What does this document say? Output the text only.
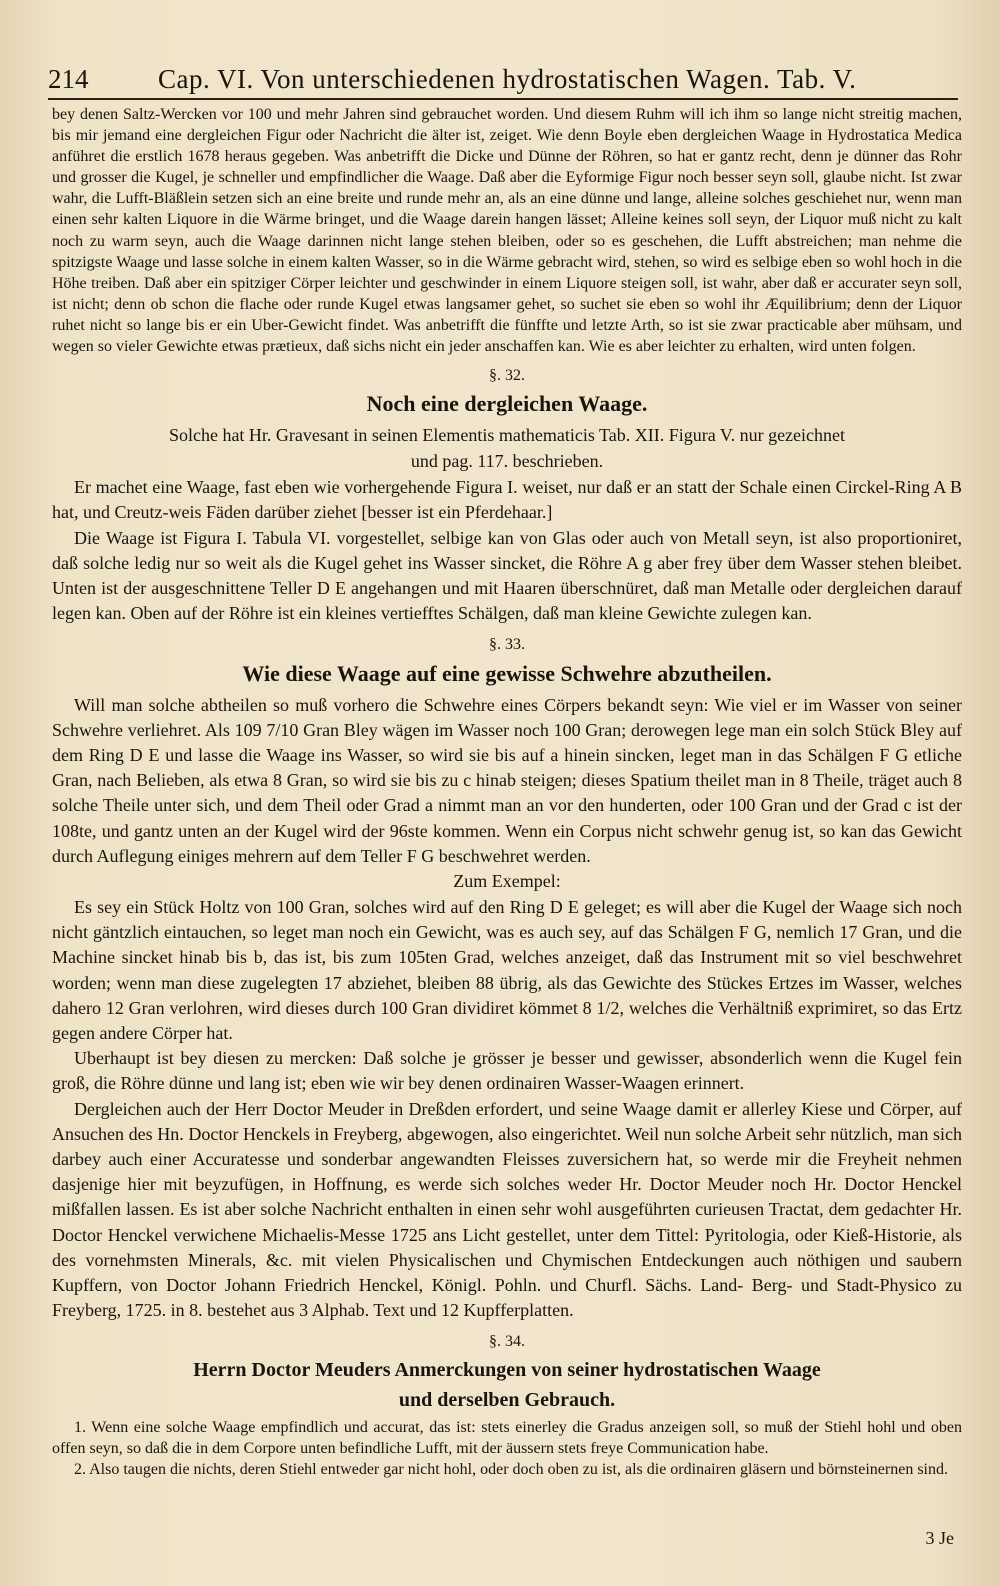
214	Cap. VI. Von unterschiedenen hydrostatischen Wagen. Tab. V.

bey denen Saltz-Wercken vor 100 und mehr Jahren sind gebrauchet worden. Und diesem Ruhm will ich ihm so lange nicht streitig machen, bis mir jemand eine dergleichen Figur oder Nachricht die älter ist, zeiget. Wie denn Boyle eben dergleichen Waage in Hydrostatica Medica anführet die erstlich 1678 heraus gegeben. Was anbetrifft die Dicke und Dünne der Röhren, so hat er gantz recht, denn je dünner das Rohr und grosser die Kugel, je schneller und empfindlicher die Waage. Daß aber die Eyformige Figur noch besser seyn soll, glaube nicht. Ist zwar wahr, die Lufft-Bläßlein setzen sich an eine breite und runde mehr an, als an eine dünne und lange, alleine solches geschiehet nur, wenn man einen sehr kalten Liquore in die Wärme bringet, und die Waage darein hangen lässet; Alleine keines soll seyn, der Liquor muß nicht zu kalt noch zu warm seyn, auch die Waage darinnen nicht lange stehen bleiben, oder so es geschehen, die Lufft abstreichen; man nehme die spitzigste Waage und lasse solche in einem kalten Wasser, so in die Wärme gebracht wird, stehen, so wird es selbige eben so wohl hoch in die Höhe treiben. Daß aber ein spitziger Cörper leichter und geschwinder in einem Liquore steigen soll, ist wahr, aber daß er accurater seyn soll, ist nicht; denn ob schon die flache oder runde Kugel etwas langsamer gehet, so suchet sie eben so wohl ihr Æquilibrium; denn der Liquor ruhet nicht so lange bis er ein Uber-Gewicht findet. Was anbetrifft die fünffte und letzte Arth, so ist sie zwar practicable aber mühsam, und wegen so vieler Gewichte etwas prætieux, daß sichs nicht ein jeder anschaffen kan. Wie es aber leichter zu erhalten, wird unten folgen.

§. 32.
Noch eine dergleichen Waage.
Solche hat Hr. Gravesant in seinen Elementis mathematicis Tab. XII. Figura V. nur gezeichnet
und pag. 117. beschrieben.

Er machet eine Waage, fast eben wie vorhergehende Figura I. weiset, nur daß er an statt der Schale einen Circkel-Ring A B hat, und Creutz-weis Fäden darüber ziehet [besser ist ein Pferdehaar.]

Die Waage ist Figura I. Tabula VI. vorgestellet, selbige kan von Glas oder auch von Metall seyn, ist also proportioniret, daß solche ledig nur so weit als die Kugel gehet ins Wasser sincket, die Röhre A g aber frey über dem Wasser stehen bleibet. Unten ist der ausgeschnittene Teller D E angehangen und mit Haaren überschnüret, daß man Metalle oder dergleichen darauf legen kan. Oben auf der Röhre ist ein kleines vertiefftes Schälgen, daß man kleine Gewichte zulegen kan.

§. 33.
Wie diese Waage auf eine gewisse Schwehre abzutheilen.

Will man solche abtheilen so muß vorhero die Schwehre eines Cörpers bekandt seyn: Wie viel er im Wasser von seiner Schwehre verliehret. Als 109 7/10 Gran Bley wägen im Wasser noch 100 Gran; derowegen lege man ein solch Stück Bley auf dem Ring D E und lasse die Waage ins Wasser, so wird sie bis auf a hinein sincken, leget man in das Schälgen F G etliche Gran, nach Belieben, als etwa 8 Gran, so wird sie bis zu c hinab steigen; dieses Spatium theilet man in 8 Theile, träget auch 8 solche Theile unter sich, und dem Theil oder Grad a nimmt man an vor den hunderten, oder 100 Gran und der Grad c ist der 108te, und gantz unten an der Kugel wird der 96ste kommen. Wenn ein Corpus nicht schwehr genug ist, so kan das Gewicht durch Auflegung einiges mehrern auf dem Teller F G beschwehret werden.

Zum Exempel:

Es sey ein Stück Holtz von 100 Gran, solches wird auf den Ring D E geleget; es will aber die Kugel der Waage sich noch nicht gäntzlich eintauchen, so leget man noch ein Gewicht, was es auch sey, auf das Schälgen F G, nemlich 17 Gran, und die Machine sincket hinab bis b, das ist, bis zum 105ten Grad, welches anzeiget, daß das Instrument mit so viel beschwehret worden; wenn man diese zugelegten 17 abziehet, bleiben 88 übrig, als das Gewichte des Stückes Ertzes im Wasser, welches dahero 12 Gran verlohren, wird dieses durch 100 Gran dividiret kömmet 8 1/2, welches die Verhältniß exprimiret, so das Ertz gegen andere Cörper hat.

Uberhaupt ist bey diesen zu mercken: Daß solche je grösser je besser und gewisser, absonderlich wenn die Kugel fein groß, die Röhre dünne und lang ist; eben wie wir bey denen ordinairen Wasser-Waagen erinnert.

Dergleichen auch der Herr Doctor Meuder in Dreßden erfordert, und seine Waage damit er allerley Kiese und Cörper, auf Ansuchen des Hn. Doctor Henckels in Freyberg, abgewogen, also eingerichtet. Weil nun solche Arbeit sehr nützlich, man sich darbey auch einer Accuratesse und sonderbar angewandten Fleisses zuversichern hat, so werde mir die Freyheit nehmen dasjenige hier mit beyzufügen, in Hoffnung, es werde sich solches weder Hr. Doctor Meuder noch Hr. Doctor Henckel mißfallen lassen. Es ist aber solche Nachricht enthalten in einen sehr wohl ausgeführten curieusen Tractat, dem gedachter Hr. Doctor Henckel verwichene Michaelis-Messe 1725 ans Licht gestellet, unter dem Tittel: Pyritologia, oder Kieß-Historie, als des vornehmsten Minerals, &c. mit vielen Physicalischen und Chymischen Entdeckungen auch nöthigen und saubern Kupffern, von Doctor Johann Friedrich Henckel, Königl. Pohln. und Churfl. Sächs. Land- Berg- und Stadt-Physico zu Freyberg, 1725. in 8. bestehet aus 3 Alphab. Text und 12 Kupfferplatten.

§. 34.
Herrn Doctor Meuders Anmerckungen von seiner hydrostatischen Waage
und derselben Gebrauch.

1. Wenn eine solche Waage empfindlich und accurat, das ist: stets einerley die Gradus anzeigen soll, so muß der Stiehl hohl und oben offen seyn, so daß die in dem Corpore unten befindliche Lufft, mit der äussern stets freye Communication habe.

2. Also taugen die nichts, deren Stiehl entweder gar nicht hohl, oder doch oben zu ist, als die ordinairen gläsern und börnsteinernen sind.

3 Je
